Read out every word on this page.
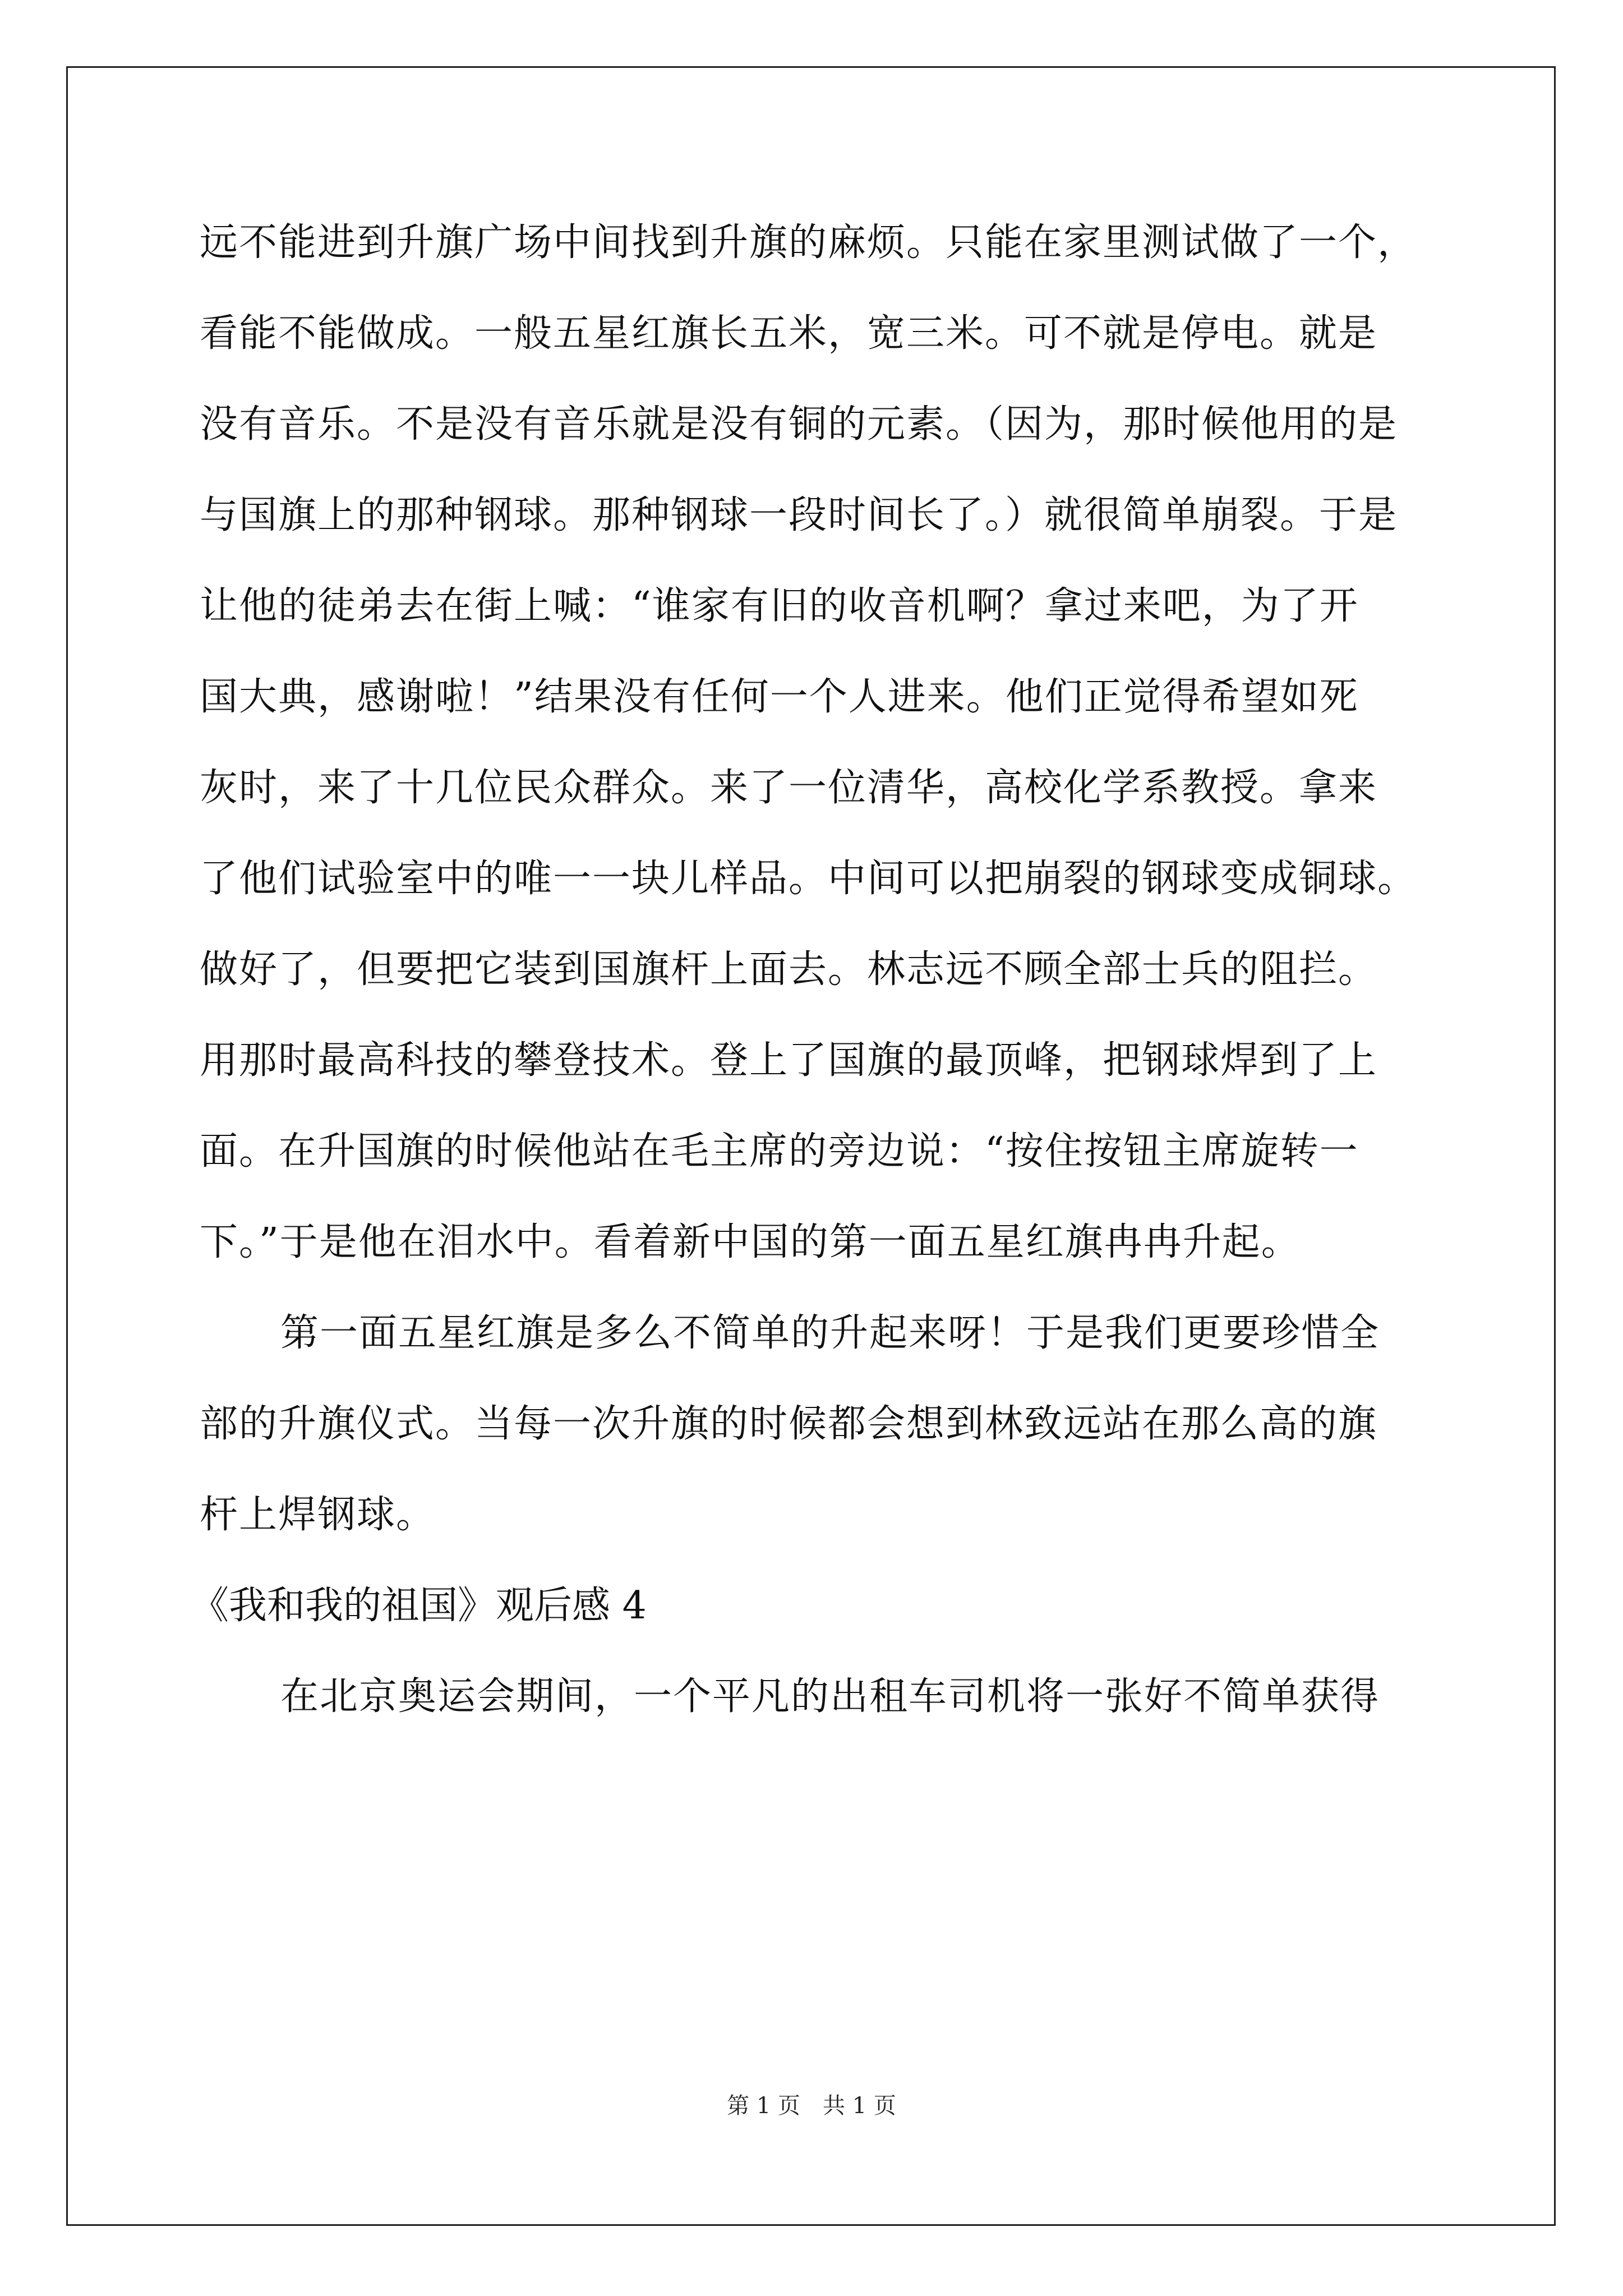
远不能进到升旗广场中间找到升旗的麻烦。只能在家里测试做了一个，
看能不能做成。一般五星红旗长五米，宽三米。可不就是停电。就是
没有音乐。不是没有音乐就是没有铜的元素。（因为，那时候他用的是
与国旗上的那种钢球。那种钢球一段时间长了。）就很简单崩裂。于是
让他的徒弟去在街上喊：“谁家有旧的收音机啊？拿过来吧，为了开
国大典，感谢啦！”结果没有任何一个人进来。他们正觉得希望如死
灰时，来了十几位民众群众。来了一位清华，高校化学系教授。拿来
了他们试验室中的唯一一块儿样品。中间可以把崩裂的钢球变成铜球。
做好了，但要把它装到国旗杆上面去。林志远不顾全部士兵的阻拦。
用那时最高科技的攀登技术。登上了国旗的最顶峰，把钢球焊到了上
面。在升国旗的时候他站在毛主席的旁边说：“按住按钮主席旋转一
下。”于是他在泪水中。看着新中国的第一面五星红旗冉冉升起。
第一面五星红旗是多么不简单的升起来呀！于是我们更要珍惜全
部的升旗仪式。当每一次升旗的时候都会想到林致远站在那么高的旗
杆上焊钢球。
《我和我的祖国》观后感 4
在北京奥运会期间，一个平凡的出租车司机将一张好不简单获得
第 1 页　共 1 页
